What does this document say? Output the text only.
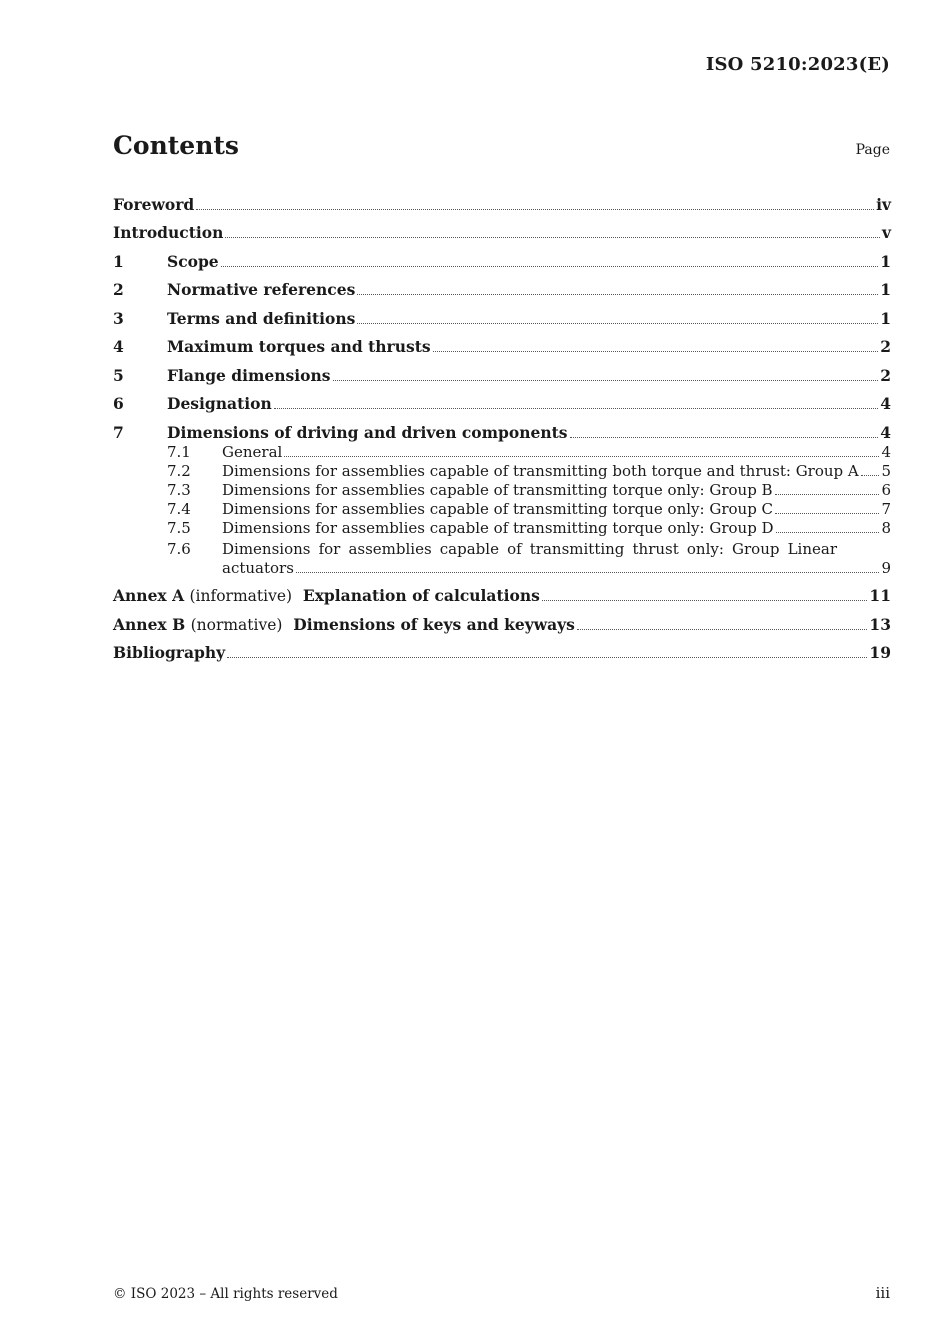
ISO 5210:2023(E)
Contents	Page
Foreword	iv
Introduction	v
1	Scope	1
2	Normative references	1
3	Terms and definitions	1
4	Maximum torques and thrusts	2
5	Flange dimensions	2
6	Designation	4
7	Dimensions of driving and driven components	4
7.1	General	4
7.2	Dimensions for assemblies capable of transmitting both torque and thrust: Group A 5
7.3	Dimensions for assemblies capable of transmitting torque only: Group B	6
7.4	Dimensions for assemblies capable of transmitting torque only: Group C	7
7.5	Dimensions for assemblies capable of transmitting torque only: Group D	8
7.6	Dimensions for assemblies capable of transmitting thrust only: Group Linear
actuators	9
Annex A (informative) Explanation of calculations	11
Annex B (normative) Dimensions of keys and keyways	13
Bibliography	19
© ISO 2023 – All rights reserved	iii
